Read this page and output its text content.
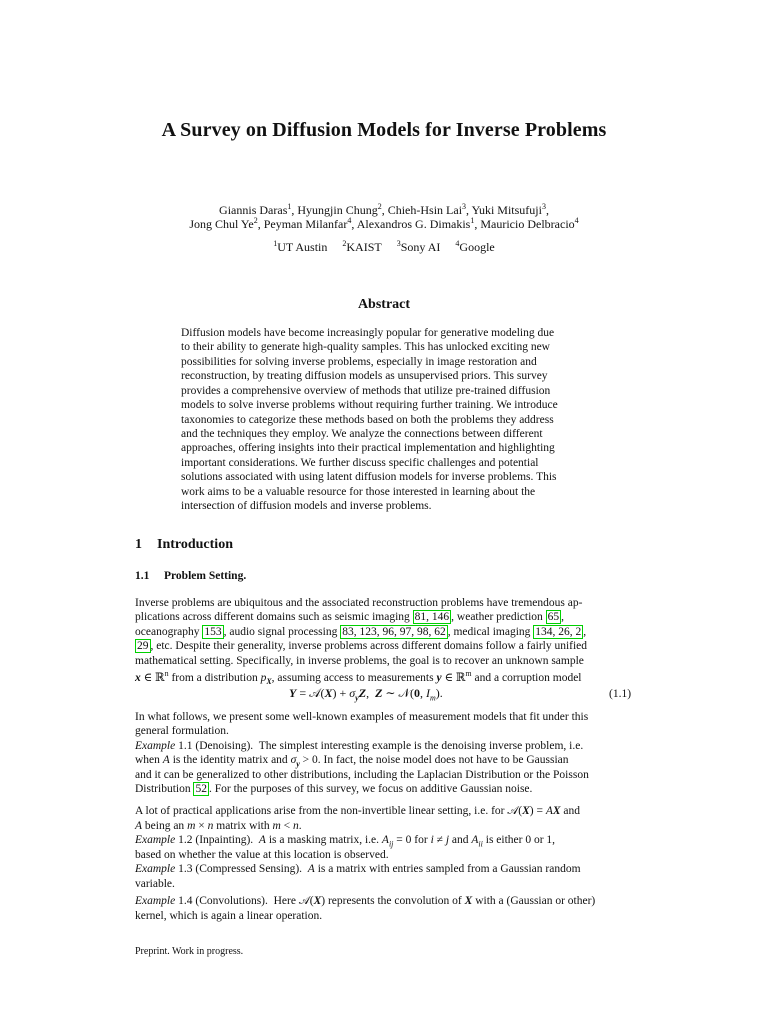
A Survey on Diffusion Models for Inverse Problems
Giannis Daras$^1$, Hyungjin Chung$^2$, Chieh-Hsin Lai$^3$, Yuki Mitsufuji$^3$,
Jong Chul Ye$^2$, Peyman Milanfar$^4$, Alexandros G. Dimakis$^1$, Mauricio Delbracio$^4$
$^1$UT Austin $^2$KAIST $^3$Sony AI $^4$Google
Abstract
Diffusion models have become increasingly popular for generative modeling due
to their ability to generate high-quality samples. This has unlocked exciting new
possibilities for solving inverse problems, especially in image restoration and
reconstruction, by treating diffusion models as unsupervised priors. This survey
provides a comprehensive overview of methods that utilize pre-trained diffusion
models to solve inverse problems without requiring further training. We introduce
taxonomies to categorize these methods based on both the problems they address
and the techniques they employ. We analyze the connections between different
approaches, offering insights into their practical implementation and highlighting
important considerations. We further discuss specific challenges and potential
solutions associated with using latent diffusion models for inverse problems. This
work aims to be a valuable resource for those interested in learning about the
intersection of diffusion models and inverse problems.
1 Introduction
1.1 Problem Setting.
Inverse problems are ubiquitous and the associated reconstruction problems have tremendous ap-
plications across different domains such as seismic imaging 81, 146 , weather prediction 65 ,
oceanography 153 , audio signal processing 83, 123, 96, 97, 98, 62 , medical imaging 134, 26, 2 ,
29 , etc. Despite their generality, inverse problems across different domains follow a fairly unified
mathematical setting. Specifically, in inverse problems, the goal is to recover an unknown sample
x ∈ ℝ$^n$ from a distribution $p_X$, assuming access to measurements y ∈ ℝ$^m$ and a corruption model
Y = 𝒜(X) + $\sigma_yZ$,  Z ∼ 𝒩(0, $I_m$).	(1.1)
In what follows, we present some well-known examples of measurement models that fit under this
general formulation.
Example 1.1 (Denoising). The simplest interesting example is the denoising inverse problem, i.e.
when A is the identity matrix and $\sigma_y > 0$. In fact, the noise model does not have to be Gaussian
and it can be generalized to other distributions, including the Laplacian Distribution or the Poisson
Distribution 52 . For the purposes of this survey, we focus on additive Gaussian noise.
A lot of practical applications arise from the non-invertible linear setting, i.e. for 𝒜(X) = AX and
A being an m × n matrix with m < n.
Example 1.2 (Inpainting). A is a masking matrix, i.e. $A_{ij} = 0$ for i ≠ j and $A_{ii}$ is either 0 or 1,
based on whether the value at this location is observed.
Example 1.3 (Compressed Sensing). A is a matrix with entries sampled from a Gaussian random
variable.
Example 1.4 (Convolutions). Here 𝒜(X) represents the convolution of X with a (Gaussian or other)
kernel, which is again a linear operation.
Preprint. Work in progress.
